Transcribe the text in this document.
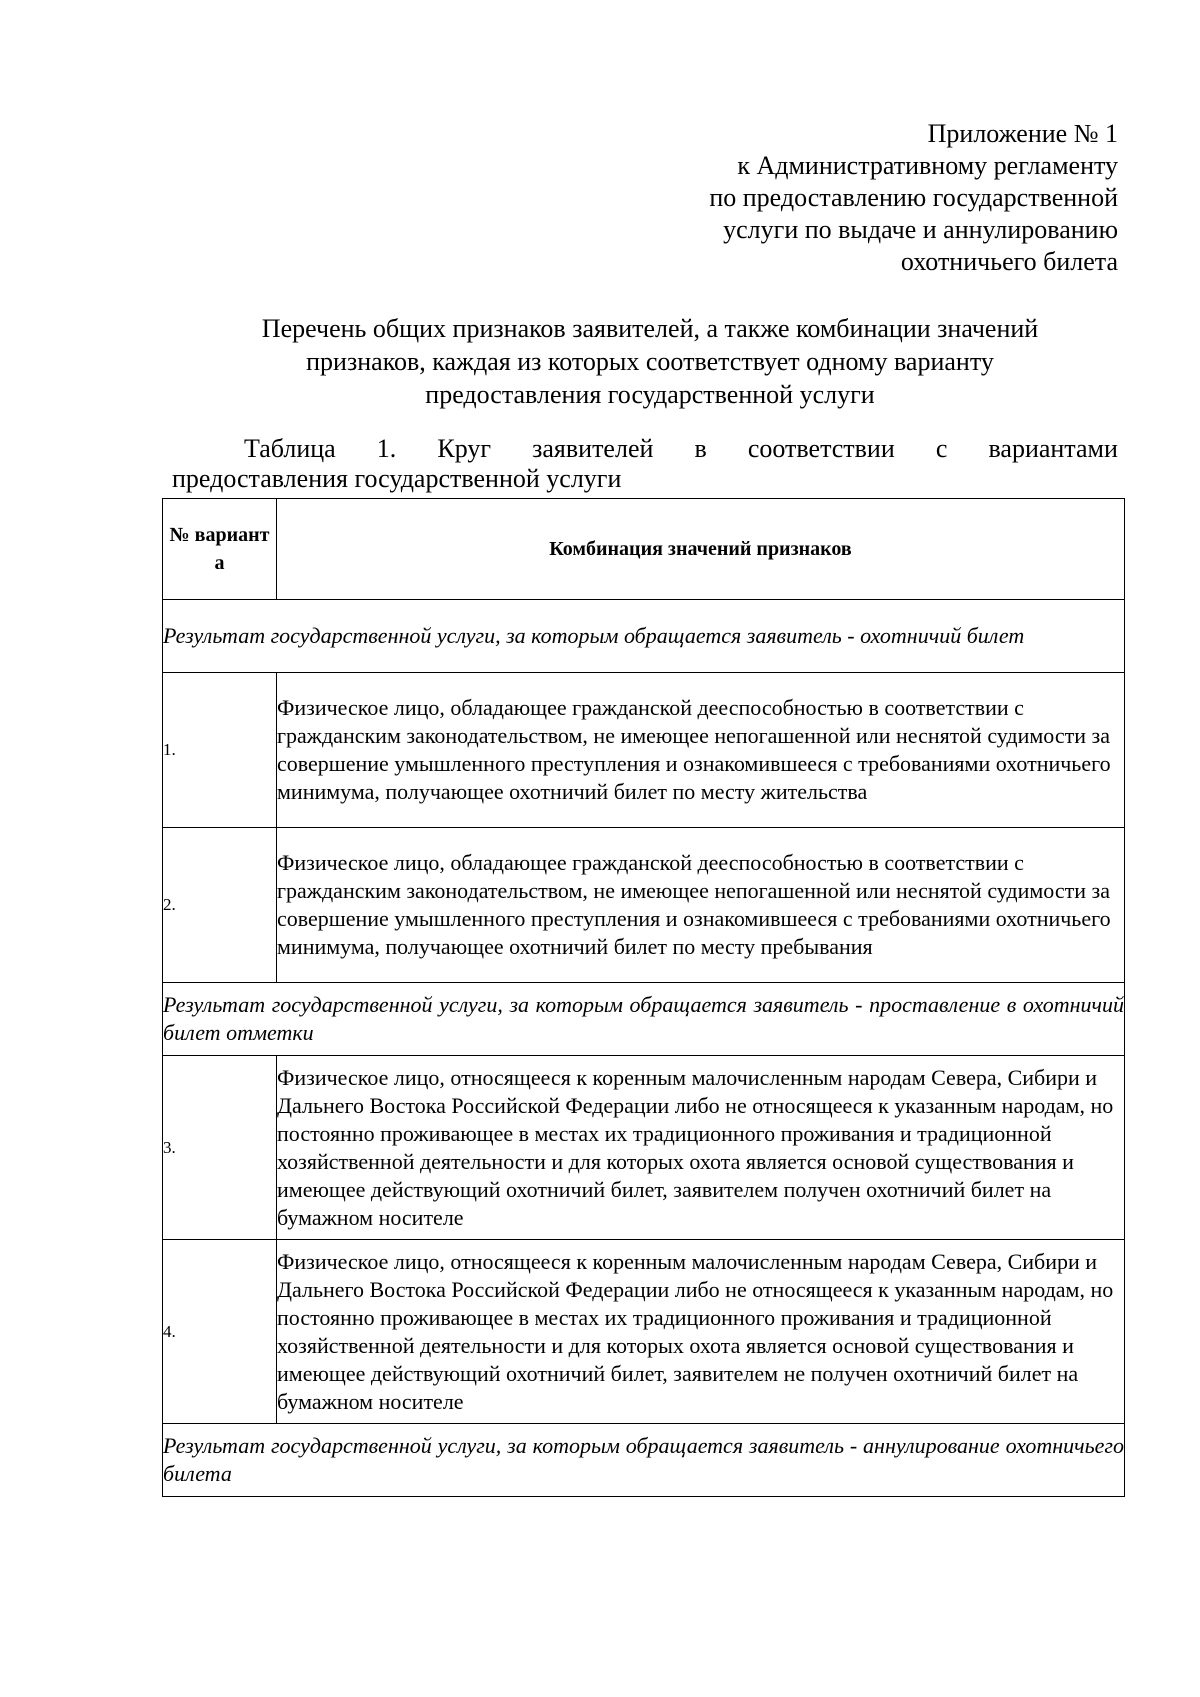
Приложение № 1
к Административному регламенту
по предоставлению государственной
услуги по выдаче и аннулированию
охотничьего билета
Перечень общих признаков заявителей, а также комбинации значений
признаков, каждая из которых соответствует одному варианту
предоставления государственной услуги
Таблица 1. Круг заявителей в соответствии с вариантами
предоставления государственной услуги
№ вариант а	Комбинация значений признаков
Результат государственной услуги, за которым обращается заявитель - охотничий билет	
1.	Физическое лицо, обладающее гражданской дееспособностью в соответствии с гражданским законодательством, не имеющее непогашенной или неснятой судимости за совершение умышленного преступления и ознакомившееся с требованиями охотничьего минимума, получающее охотничий билет по месту жительства
2.	Физическое лицо, обладающее гражданской дееспособностью в соответствии с гражданским законодательством, не имеющее непогашенной или неснятой судимости за совершение умышленного преступления и ознакомившееся с требованиями охотничьего минимума, получающее охотничий билет по месту пребывания
Результат государственной услуги, за которым обращается заявитель - проставление в охотничий билет отметки	
3.	Физическое лицо, относящееся к коренным малочисленным народам Севера, Сибири и Дальнего Востока Российской Федерации либо не относящееся к указанным народам, но постоянно проживающее в местах их традиционного проживания и традиционной хозяйственной деятельности и для которых охота является основой существования и имеющее действующий охотничий билет, заявителем получен охотничий билет на бумажном носителе
4.	Физическое лицо, относящееся к коренным малочисленным народам Севера, Сибири и Дальнего Востока Российской Федерации либо не относящееся к указанным народам, но постоянно проживающее в местах их традиционного проживания и традиционной хозяйственной деятельности и для которых охота является основой существования и имеющее действующий охотничий билет, заявителем не получен охотничий билет на бумажном носителе
Результат государственной услуги, за которым обращается заявитель - аннулирование охотничьего билета	
